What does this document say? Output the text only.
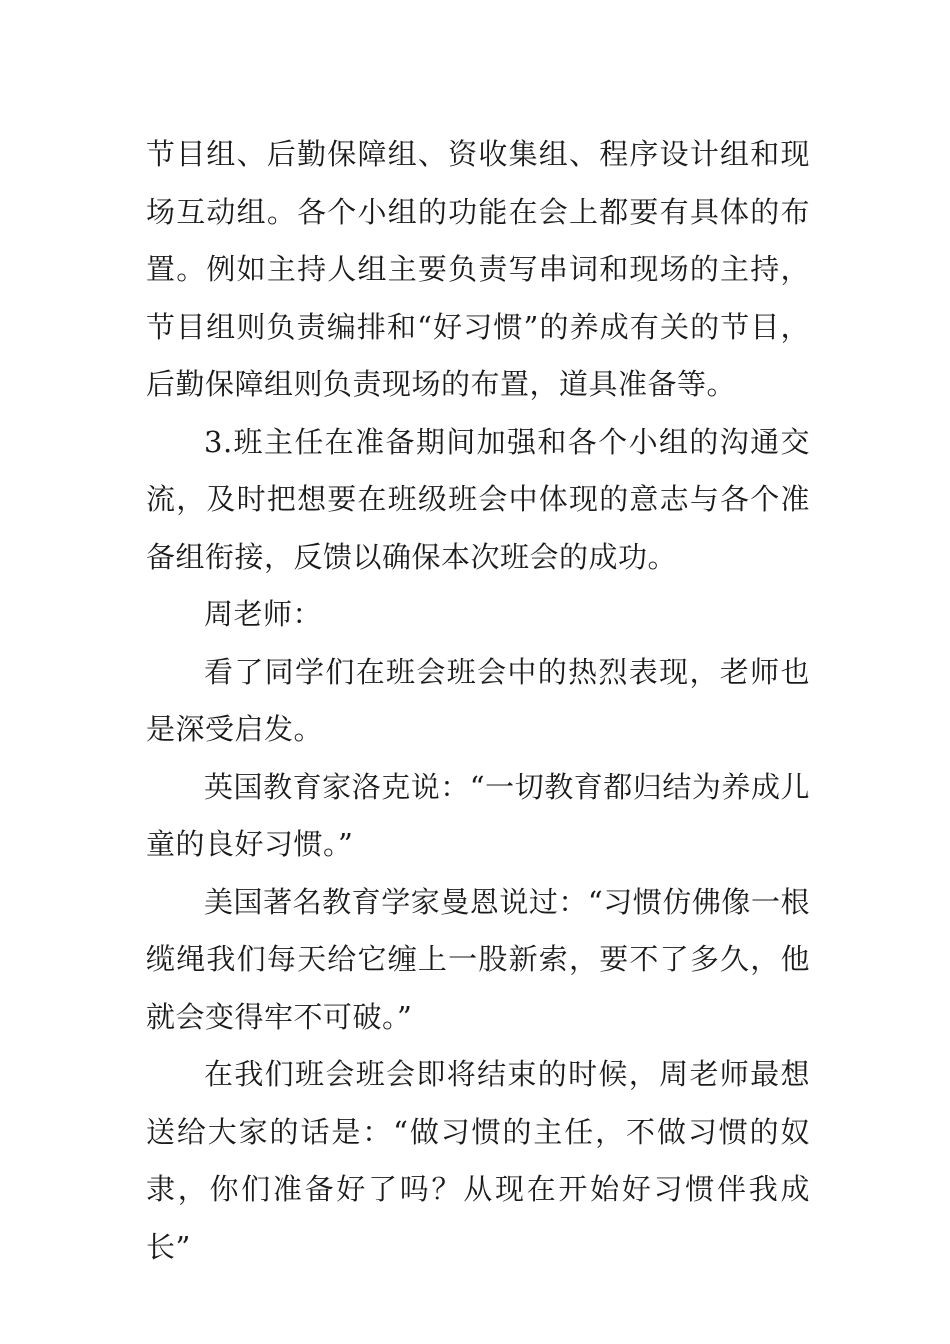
节目组、后勤保障组、资收集组、程序设计组和现场互动组。各个小组的功能在会上都要有具体的布置。例如主持人组主要负责写串词和现场的主持，节目组则负责编排和“好习惯”的养成有关的节目，后勤保障组则负责现场的布置，道具准备等。

3.班主任在准备期间加强和各个小组的沟通交流，及时把想要在班级班会中体现的意志与各个准备组衔接，反馈以确保本次班会的成功。

周老师：

看了同学们在班会班会中的热烈表现，老师也是深受启发。

英国教育家洛克说：“一切教育都归结为养成儿童的良好习惯。”

美国著名教育学家曼恩说过：“习惯仿佛像一根缆绳我们每天给它缠上一股新索，要不了多久，他就会变得牢不可破。”

在我们班会班会即将结束的时候，周老师最想送给大家的话是：“做习惯的主任，不做习惯的奴隶，你们准备好了吗？从现在开始好习惯伴我成长”
